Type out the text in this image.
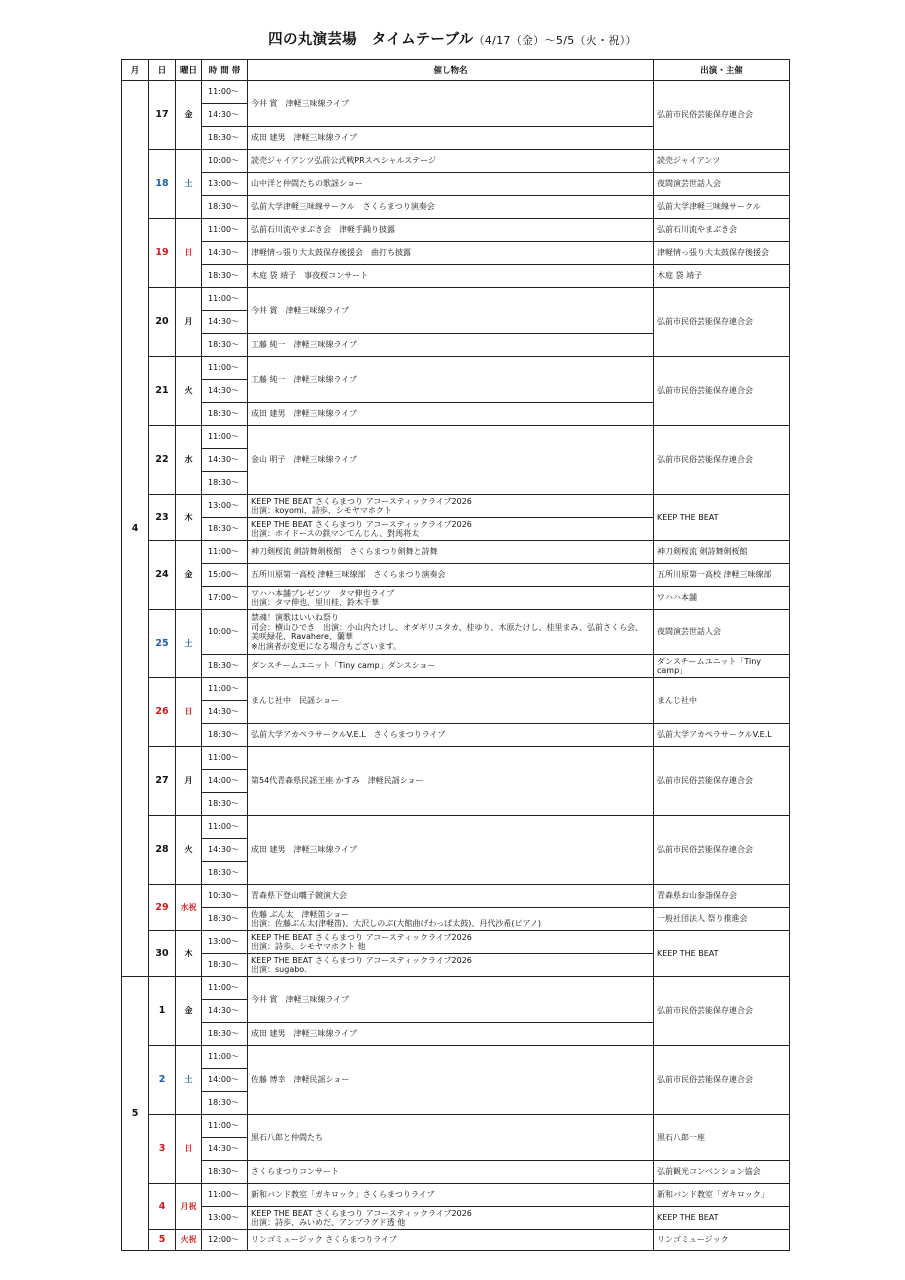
四の丸演芸場　タイムテーブル（4/17（金）～5/5（火・祝））
月	日	曜日	時 間 帯	催し物名	出演・主催
4	17	金	11:00～	今井 賞　津軽三味線ライブ	弘前市民俗芸能保存連合会
			14:30～		
			18:30～	成田 建男　津軽三味線ライブ	

	18	土	10:00～	読売ジャイアンツ弘前公式戦PRスペシャルステージ	読売ジャイアンツ
			13:00～	山中洋と仲間たちの歌謡ショー	夜間演芸世話人会
			18:30～	弘前大学津軽三味線サークル　さくらまつり演奏会	弘前大学津軽三味線サークル
	19	日	11:00～	弘前石川流やまぶき会　津軽手踊り披露	弘前石川流やまぶき会
			14:30～	津軽情っ張り大太鼓保存後援会　曲打ち披露	津軽情っ張り大太鼓保存後援会
			18:30～	木庭 袋 靖子　事夜桜コンサート	木庭 袋 靖子
	20	月	11:00～	今井 賞　津軽三味線ライブ	弘前市民俗芸能保存連合会
			14:30～		
			18:30～	工藤 純一　津軽三味線ライブ	

	21	火	11:00～	工藤 純一　津軽三味線ライブ	弘前市民俗芸能保存連合会
			14:30～		
			18:30～	成田 建男　津軽三味線ライブ	

	22	水	11:00～	金山 明子　津軽三味線ライブ	弘前市民俗芸能保存連合会
			14:30～		
			18:30～		
	23	木	13:00～	KEEP THE BEAT さくらまつり アコースティックライブ2026
出演：koyomi、詩歩、シモヤマホクト	KEEP THE BEAT
			18:30～	KEEP THE BEAT さくらまつり アコースティックライブ2026
出演：ホイドースの鉄マンてんじん、對馬将太	

	24	金	11:00～	神刀剣桜流 剣詩舞剣桜館　さくらまつり剣舞と詩舞	神刀剣桜流 剣詩舞剣桜館
			15:00～	五所川原第一高校 津軽三味線部　さくらまつり演奏会	五所川原第一高校 津軽三味線部
			17:00～	ワハハ本舗プレゼンツ　タマ伸也ライブ
出演：タマ伸也、里川桂、鈴木千華	ワハハ本舗
	25	土	10:00～	禁魂！演歌はいいね祭り
司会：横山ひでき　出演：小山内たけし、オダギリユタカ、桂ゆり、木原たけし、桂里まみ、弘前さくら会、美咲緑花、Ravahere、蘭華
※出演者が変更になる場合もございます。	夜間演芸世話人会
			18:30～	ダンスチームユニット「Tiny camp」ダンスショー	ダンスチームユニット「Tiny camp」
	26	日	11:00～	まんじ社中　民謡ショー	まんじ社中
			14:30～		
			18:30～	弘前大学アカペラサークルV.E.L　さくらまつりライブ	弘前大学アカペラサークルV.E.L
	27	月	11:00～	第54代青森県民謡王座 かすみ　津軽民謡ショー	弘前市民俗芸能保存連合会
			14:00～		
			18:30～		
	28	火	11:00～	成田 建男　津軽三味線ライブ	弘前市民俗芸能保存連合会
			14:30～		
			18:30～		
	29	水祝	10:30～	青森県下登山囃子競演大会	青森県お山参詣保存会
			18:30～	佐藤 ぶん太　津軽笛ショー
出演：佐藤ぶん太(津軽笛)、大沢しのぶ(大館曲げわっぱ太鼓)、丹代沙希(ピアノ)	一般社団法人 祭り推進会
	30	木	13:00～	KEEP THE BEAT さくらまつり アコースティックライブ2026
出演：詩歩、シモヤマホクト 他	KEEP THE BEAT
			18:30～	KEEP THE BEAT さくらまつり アコースティックライブ2026
出演：sugabo.	

5	1	金	11:00～	今井 賞　津軽三味線ライブ	弘前市民俗芸能保存連合会
			14:30～		
			18:30～	成田 建男　津軽三味線ライブ	

	2	土	11:00～	佐藤 博幸　津軽民謡ショー	弘前市民俗芸能保存連合会
			14:00～		
			18:30～		
	3	日	11:00～	黒石八郎と仲間たち	黒石八郎一座
			14:30～		
			18:30～	さくらまつりコンサート	弘前観光コンベンション協会
	4	月祝	11:00～	新和バンド教室「ガキロック」さくらまつりライブ	新和バンド教室「ガキロック」
			13:00～	KEEP THE BEAT さくらまつり アコースティックライブ2026
出演：詩歩、みいめだ、アンプラグド透 他	KEEP THE BEAT
	5	火祝	12:00～	リンゴミュージック さくらまつりライブ	リンゴミュージック
